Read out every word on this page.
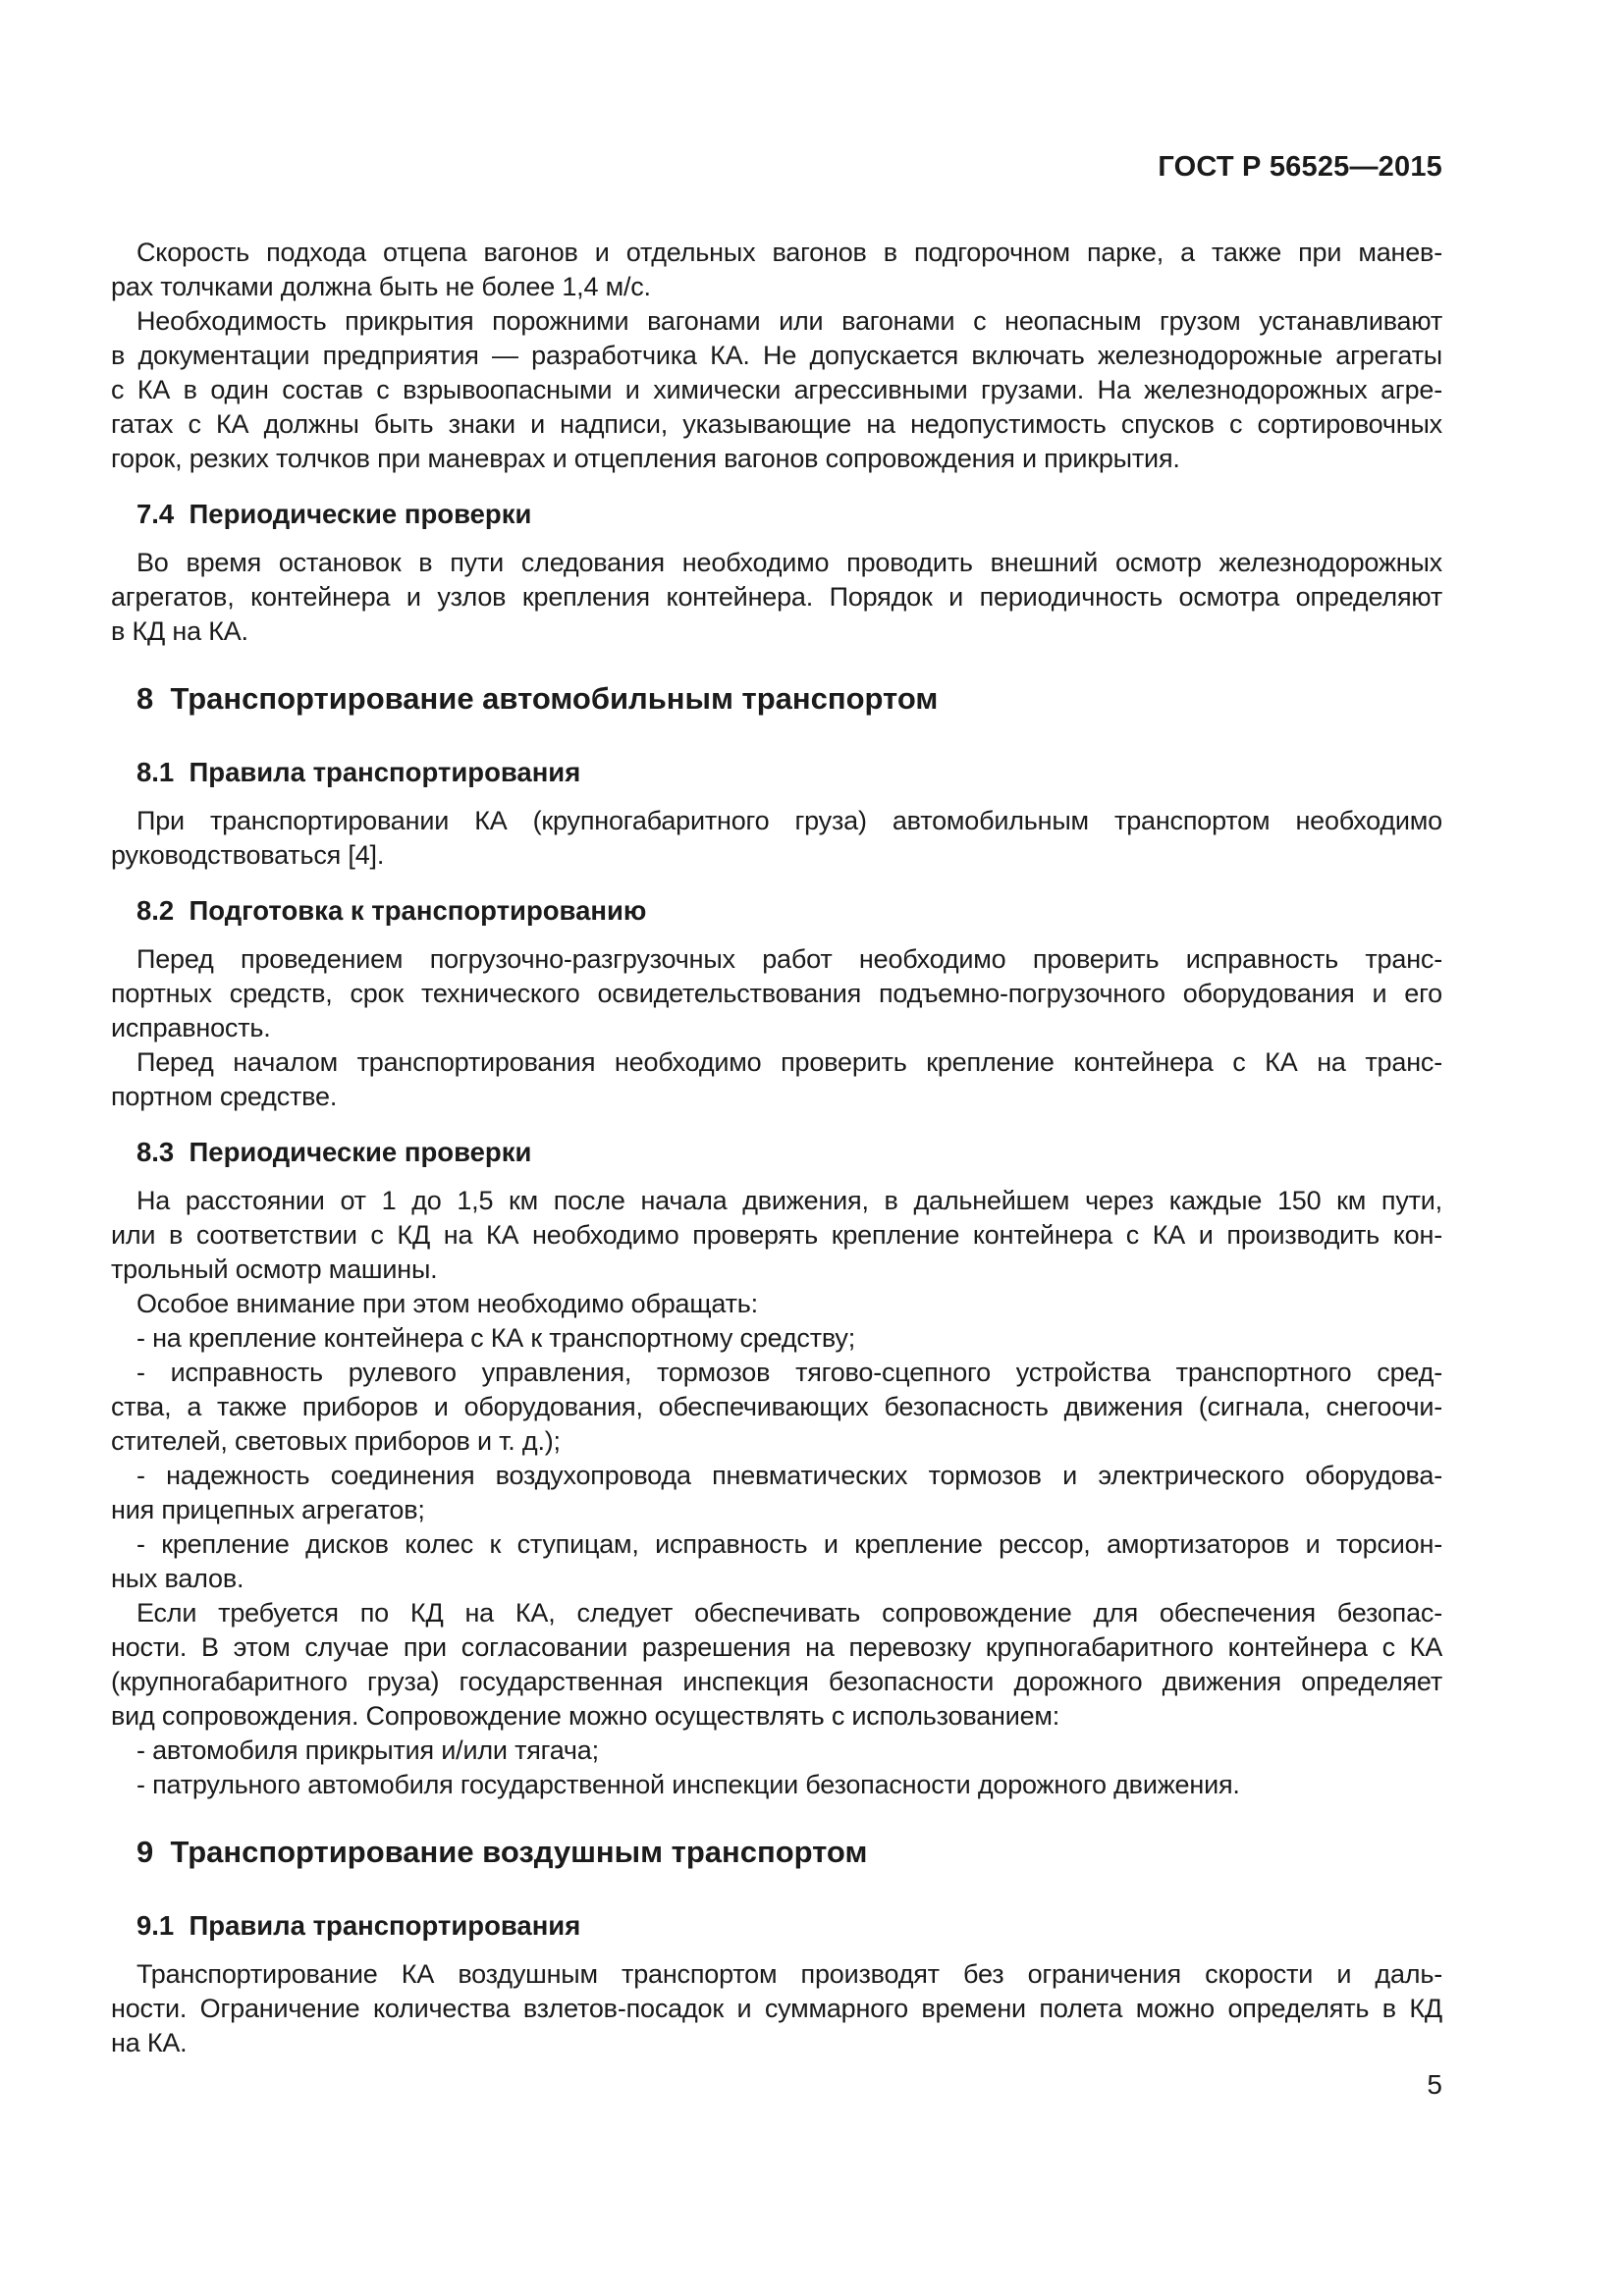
ГОСТ Р 56525—2015
Скорость подхода отцепа вагонов и отдельных вагонов в подгорочном парке, а также при манев-
рах толчками должна быть не более 1,4 м/с.
Необходимость прикрытия порожними вагонами или вагонами с неопасным грузом устанавливают
в документации предприятия — разработчика КА. Не допускается включать железнодорожные агрегаты
с КА в один состав с взрывоопасными и химически агрессивными грузами. На железнодорожных агре-
гатах с КА должны быть знаки и надписи, указывающие на недопустимость спусков с сортировочных
горок, резких толчков при маневрах и отцепления вагонов сопровождения и прикрытия.
7.4  Периодические проверки
Во время остановок в пути следования необходимо проводить внешний осмотр железнодорожных
агрегатов, контейнера и узлов крепления контейнера. Порядок и периодичность осмотра определяют
в КД на КА.
8  Транспортирование автомобильным транспортом
8.1  Правила транспортирования
При транспортировании КА (крупногабаритного груза) автомобильным транспортом необходимо
руководствоваться [4].
8.2  Подготовка к транспортированию
Перед проведением погрузочно-разгрузочных работ необходимо проверить исправность транс-
портных средств, срок технического освидетельствования подъемно-погрузочного оборудования и его
исправность.
Перед началом транспортирования необходимо проверить крепление контейнера с КА на транс-
портном средстве.
8.3  Периодические проверки
На расстоянии от 1 до 1,5 км после начала движения, в дальнейшем через каждые 150 км пути,
или в соответствии с КД на КА необходимо проверять крепление контейнера с КА и производить кон-
трольный осмотр машины.
Особое внимание при этом необходимо обращать:
- на крепление контейнера с КА к транспортному средству;
- исправность рулевого управления, тормозов тягово-сцепного устройства транспортного сред-
ства, а также приборов и оборудования, обеспечивающих безопасность движения (сигнала, снегоочи-
стителей, световых приборов и т. д.);
- надежность соединения воздухопровода пневматических тормозов и электрического оборудова-
ния прицепных агрегатов;
- крепление дисков колес к ступицам, исправность и крепление рессор, амортизаторов и торсион-
ных валов.
Если требуется по КД на КА, следует обеспечивать сопровождение для обеспечения безопас-
ности. В этом случае при согласовании разрешения на перевозку крупногабаритного контейнера с КА
(крупногабаритного груза) государственная инспекция безопасности дорожного движения определяет
вид сопровождения. Сопровождение можно осуществлять с использованием:
- автомобиля прикрытия и/или тягача;
- патрульного автомобиля государственной инспекции безопасности дорожного движения.
9  Транспортирование воздушным транспортом
9.1  Правила транспортирования
Транспортирование КА воздушным транспортом производят без ограничения скорости и даль-
ности. Ограничение количества взлетов-посадок и суммарного времени полета можно определять в КД
на КА.
5
